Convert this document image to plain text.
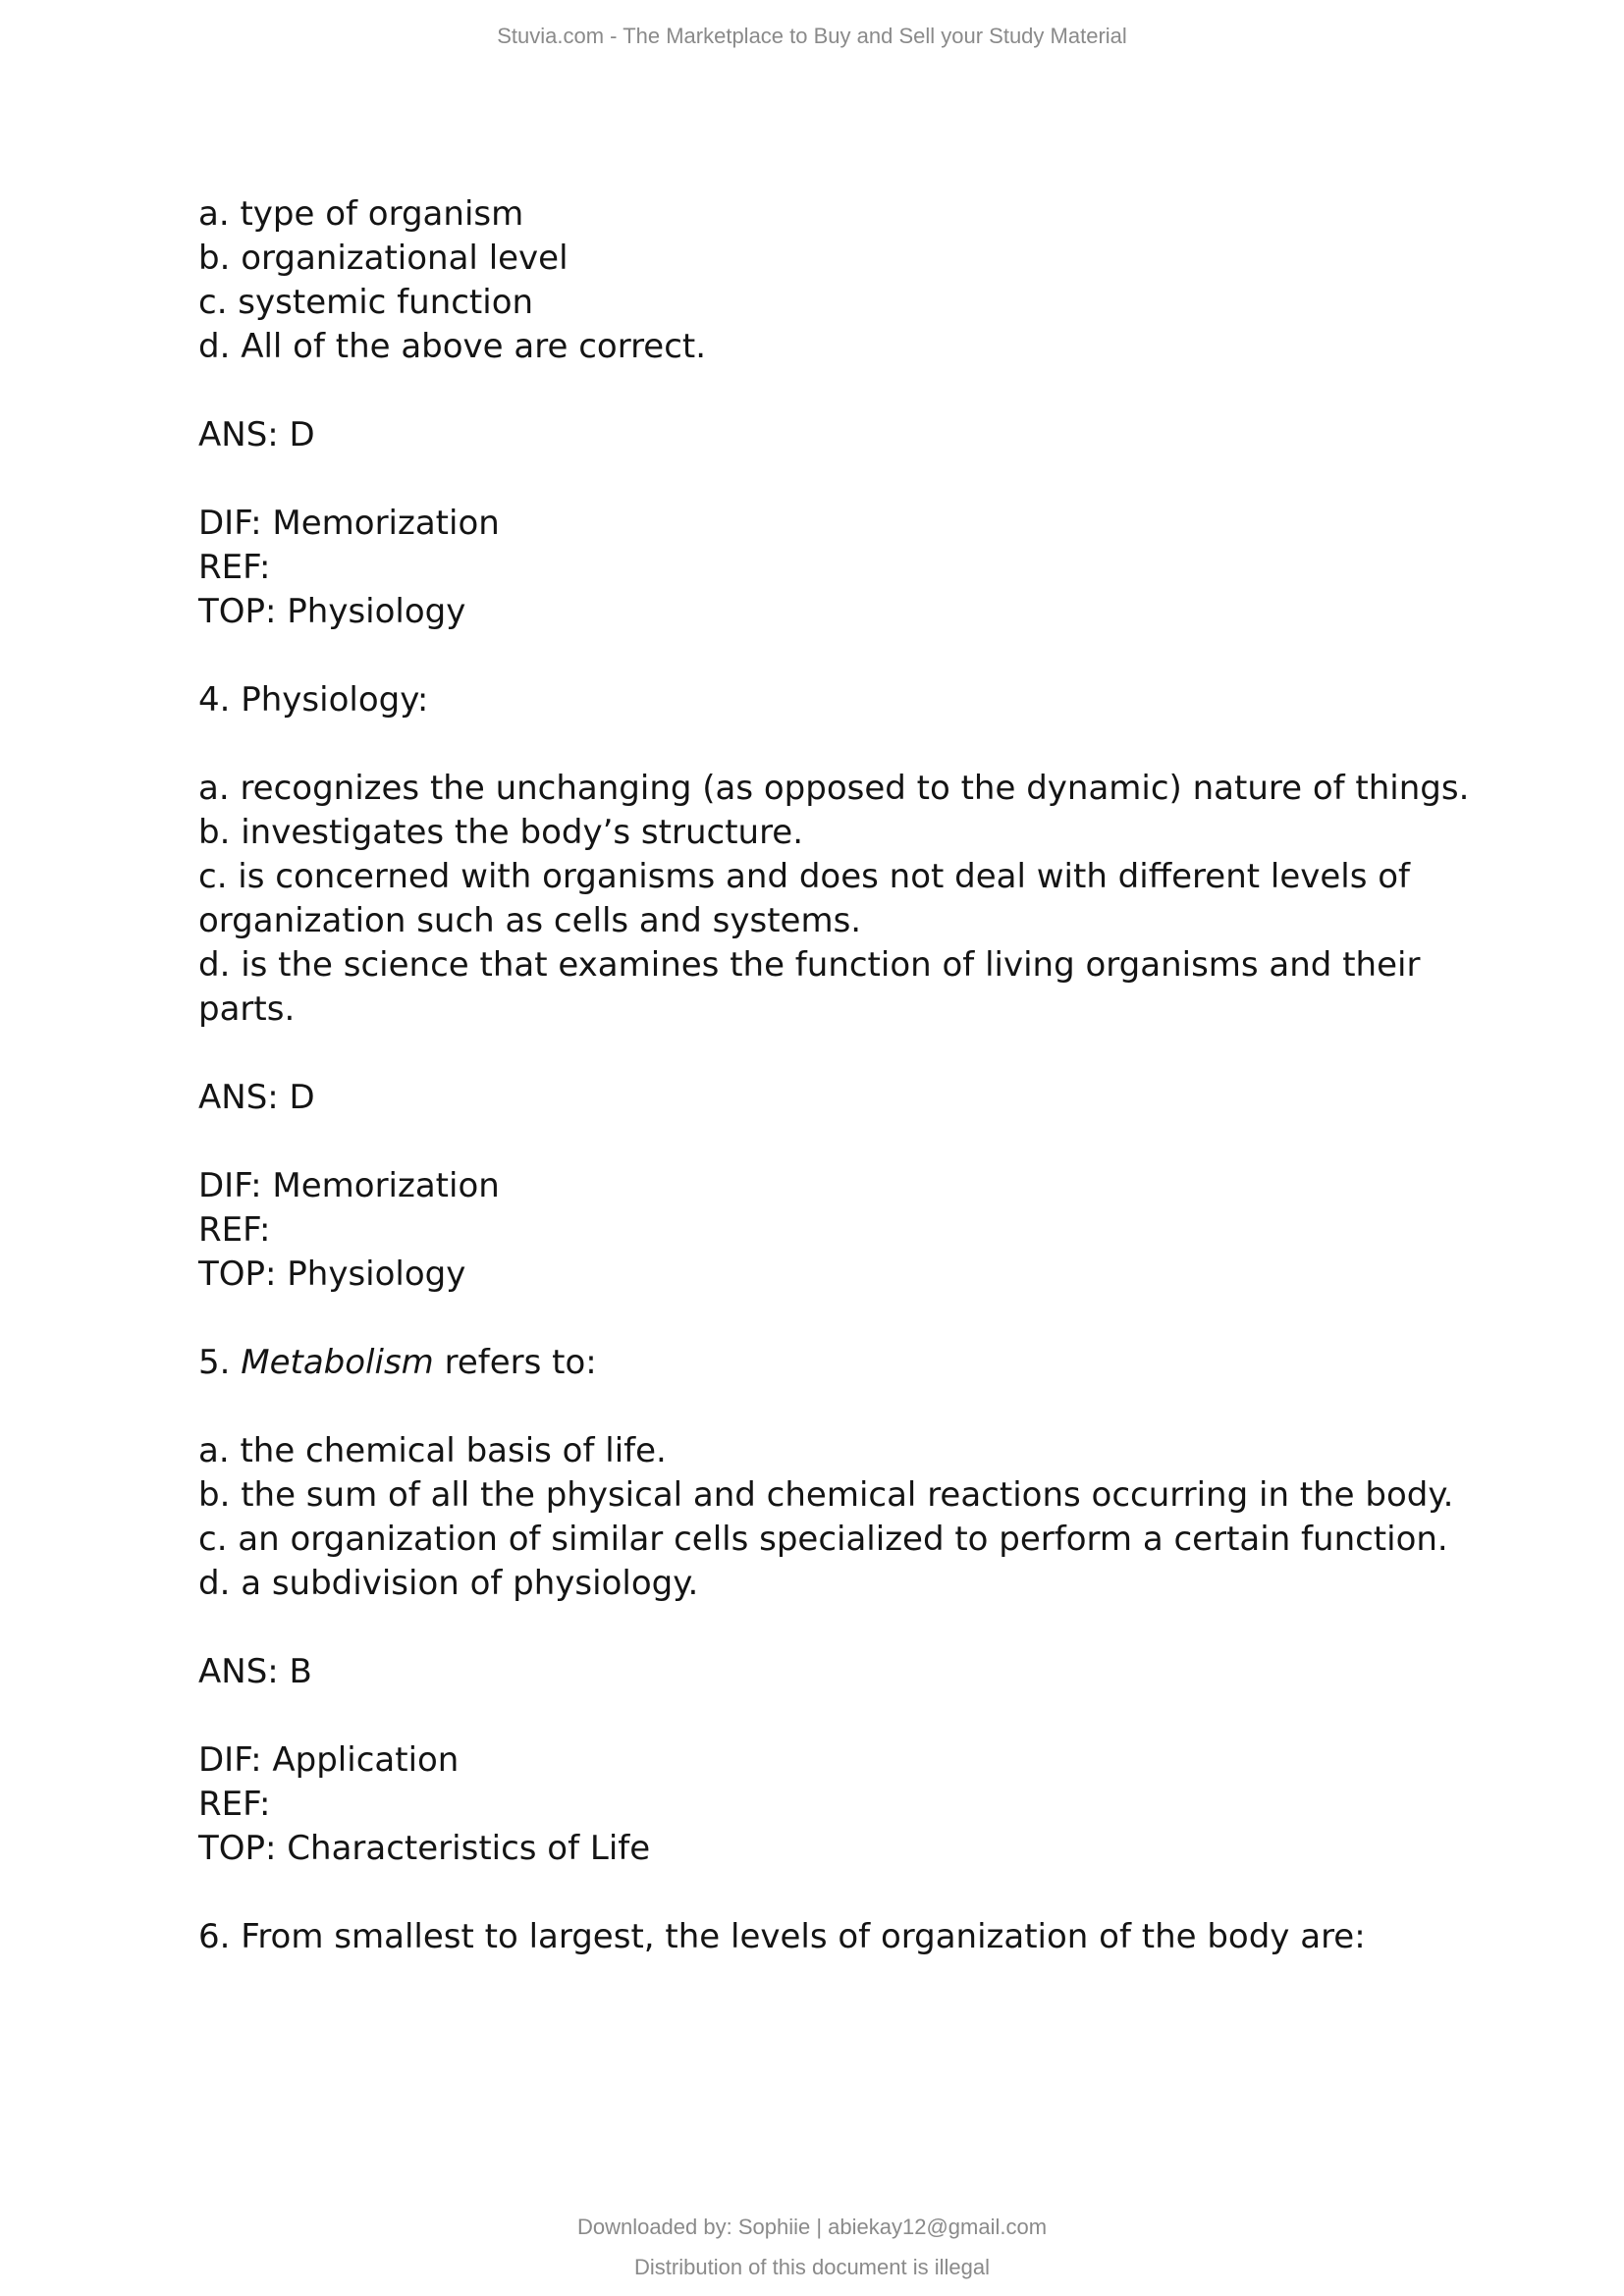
Stuvia.com - The Marketplace to Buy and Sell your Study Material
a. type of organism
b. organizational level
c. systemic function
d. All of the above are correct.
ANS: D
DIF: Memorization
REF:
TOP: Physiology
4. Physiology:
a. recognizes the unchanging (as opposed to the dynamic) nature of things.
b. investigates the body’s structure.
c. is concerned with organisms and does not deal with different levels of
organization such as cells and systems.
d. is the science that examines the function of living organisms and their
parts.
ANS: D
DIF: Memorization
REF:
TOP: Physiology
5. Metabolism refers to:
a. the chemical basis of life.
b. the sum of all the physical and chemical reactions occurring in the body.
c. an organization of similar cells specialized to perform a certain function.
d. a subdivision of physiology.
ANS: B
DIF: Application
REF:
TOP: Characteristics of Life
6. From smallest to largest, the levels of organization of the body are:
Downloaded by: Sophiie | abiekay12@gmail.com
Distribution of this document is illegal
